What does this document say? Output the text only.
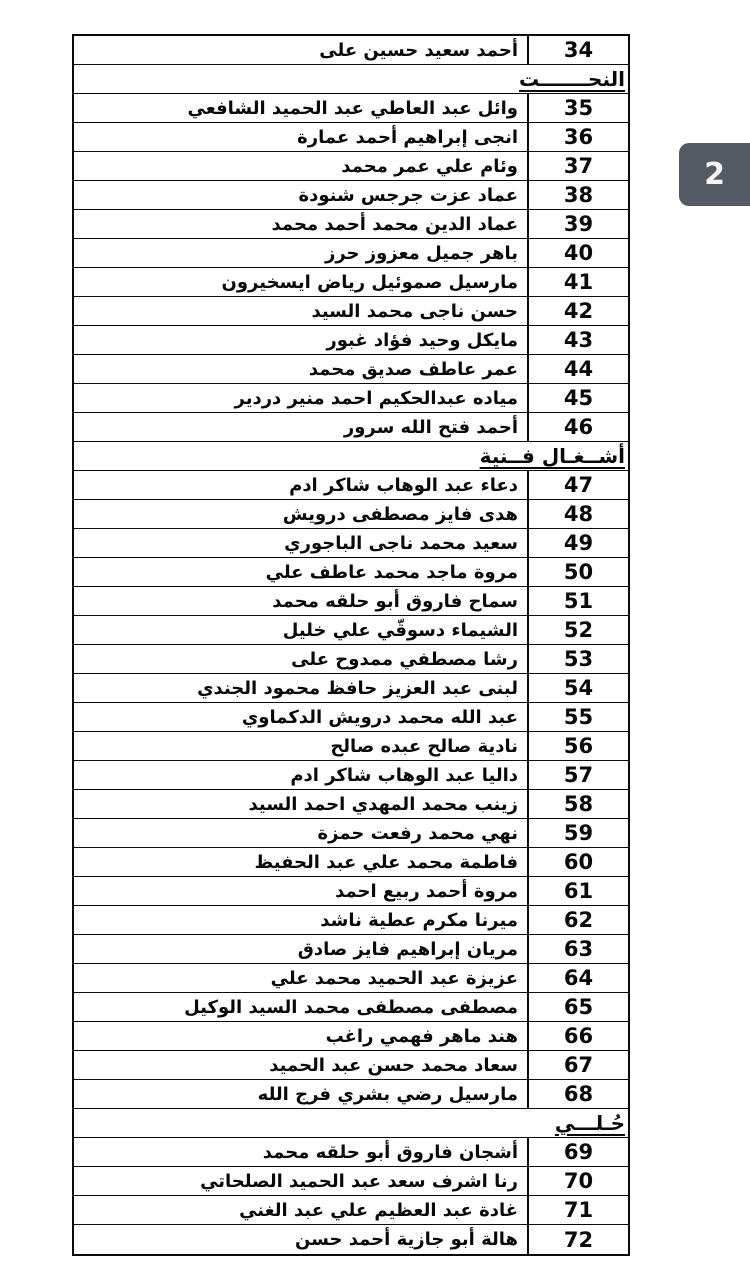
أحمد سعيد حسين على	34
النحـــــــت
وائل عبد العاطي عبد الحميد الشافعي	35
انجى إبراهيم أحمد عمارة	36
وئام علي عمر محمد	37
عماد عزت جرجس شنودة	38
عماد الدين محمد أحمد محمد	39
باهر جميل معزوز حرز	40
مارسيل صموئيل رياض ايسخيرون	41
حسن ناجى محمد السيد	42
مايكل وحيد فؤاد غبور	43
عمر عاطف صديق محمد	44
مياده عبدالحكيم احمد منير دردير	45
أحمد فتح الله سرور	46
أشــغـال فــنية
دعاء عبد الوهاب شاكر ادم	47
هدى فايز مصطفى درويش	48
سعيد محمد ناجى الباجوري	49
مروة ماجد محمد عاطف علي	50
سماح فاروق أبو حلقه محمد	51
الشيماء دسوقّي علي خليل	52
رشا مصطفي ممدوح على	53
لبنى عبد العزيز حافظ محمود الجندي	54
عبد الله محمد درويش الدكماوي	55
نادية صالح عبده صالح	56
داليا عبد الوهاب شاكر ادم	57
زينب محمد المهدي احمد السيد	58
نهي محمد رفعت حمزة	59
فاطمة محمد علي عبد الحفيظ	60
مروة أحمد ربيع احمد	61
ميرنا مكرم عطية ناشد	62
مريان إبراهيم فايز صادق	63
عزيزة عبد الحميد محمد علي	64
مصطفى مصطفى محمد السيد الوكيل	65
هند ماهر فهمي راغب	66
سعاد محمد حسن عبد الحميد	67
مارسيل رضي بشري فرج الله	68
حُـلـــي
أشجان فاروق أبو حلقه محمد	69
رنا اشرف سعد عبد الحميد الصلحاتي	70
غادة عبد العظيم علي عبد الغني	71
هالة أبو جازية أحمد حسن	72
2
